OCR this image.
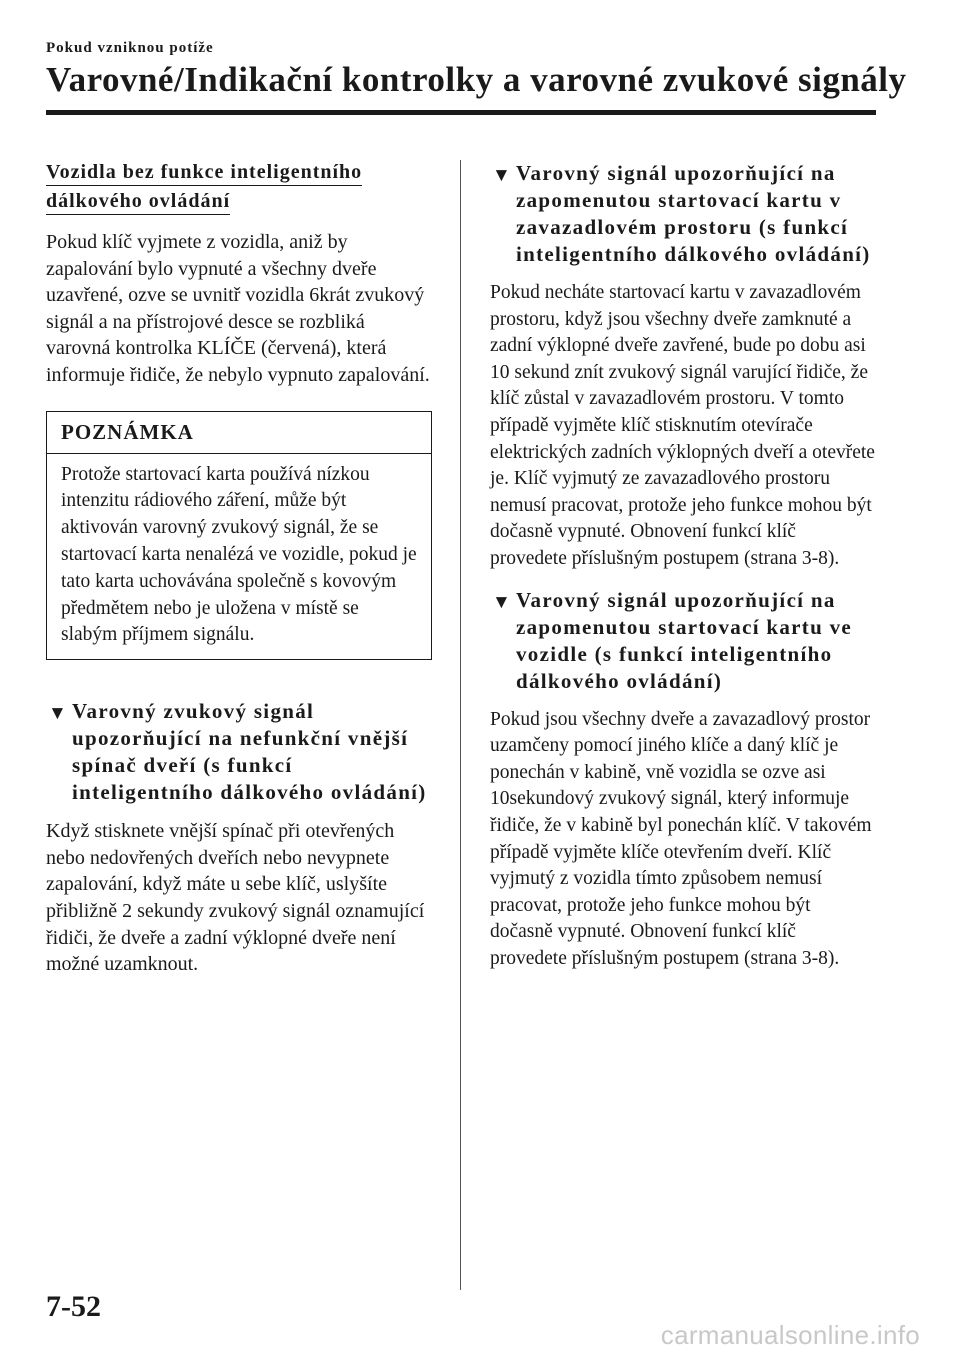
Pokud vzniknou potíže
Varovné/Indikační kontrolky a varovné zvukové signály
Vozidla bez funkce inteligentního
dálkového ovládání

Pokud klíč vyjmete z vozidla, aniž by zapalování bylo vypnuté a všechny dveře uzavřené, ozve se uvnitř vozidla 6krát zvukový signál a na přístrojové desce se rozbliká varovná kontrolka KLÍČE (červená), která informuje řidiče, že nebylo vypnuto zapalování.

POZNÁMKA
Protože startovací karta používá nízkou intenzitu rádiového záření, může být aktivován varovný zvukový signál, že se startovací karta nenalézá ve vozidle, pokud je tato karta uchovávána společně s kovovým předmětem nebo je uložena v místě se slabým příjmem signálu.
▼ Varovný zvukový signál upozorňující na nefunkční vnější spínač dveří (s funkcí inteligentního dálkového ovládání)

Když stisknete vnější spínač při otevřených nebo nedovřených dveřích nebo nevypnete zapalování, když máte u sebe klíč, uslyšíte přibližně 2 sekundy zvukový signál oznamující řidiči, že dveře a zadní výklopné dveře není možné uzamknout.

▼ Varovný signál upozorňující na zapomenutou startovací kartu v zavazadlovém prostoru (s funkcí inteligentního dálkového ovládání)

Pokud necháte startovací kartu v zavazadlovém prostoru, když jsou všechny dveře zamknuté a zadní výklopné dveře zavřené, bude po dobu asi 10 sekund znít zvukový signál varující řidiče, že klíč zůstal v zavazadlovém prostoru. V tomto případě vyjměte klíč stisknutím otevírače elektrických zadních výklopných dveří a otevřete je. Klíč vyjmutý ze zavazadlového prostoru nemusí pracovat, protože jeho funkce mohou být dočasně vypnuté. Obnovení funkcí klíč provedete příslušným postupem (strana 3-8).

▼ Varovný signál upozorňující na zapomenutou startovací kartu ve vozidle (s funkcí inteligentního dálkového ovládání)

Pokud jsou všechny dveře a zavazadlový prostor uzamčeny pomocí jiného klíče a daný klíč je ponechán v kabině, vně vozidla se ozve asi 10sekundový zvukový signál, který informuje řidiče, že v kabině byl ponechán klíč. V takovém případě vyjměte klíče otevřením dveří. Klíč vyjmutý z vozidla tímto způsobem nemusí pracovat, protože jeho funkce mohou být dočasně vypnuté. Obnovení funkcí klíč provedete příslušným postupem (strana 3-8).

7-52
carmanualsonline.info
